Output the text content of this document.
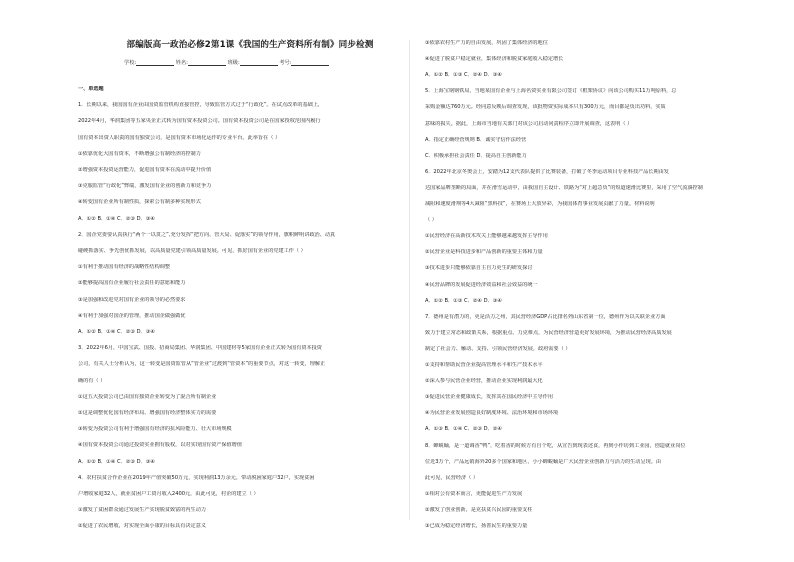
部编版高一政治必修2第1课《我国的生产资料所有制》同步检测
学校:	姓名:	班级:	考号:
一、单选题
1．长期以来，我国国有企业由国资监管机构直接管控，导致监管方式过于“行政化”。在试点改革的基础上，
2022年4月，华润集团等五家央企正式转为国有资本投资公司。国有资本投资公司是在国家授权范围内履行
国有资本出资人职责的国有独资公司，是国有资本市场化运作的专业平台。此举旨在（ ）
①依靠优化大国有资本，不断增强公有制经济的控制力
②增强资本投资运营能力，促进国有资本在流动中提升价值
③克服监管“行政化”弊端，激发国有企业的创新力和竞争力
④转变国有企业所有制性质，探索公有制多种实现形式
A．①② B．①④ C．②③ D．③④
2．国企党委要认真执行“两个一以贯之”,充分发挥“把方向、管大局、促落实”的领导作用，旗帜鲜明讲政治、动真
碰硬抓落实、争先创优抓发展，以高质量党建引领高质量发展。可见，抓好国有企业的党建工作（ ）
①有利于推动国有经济的战略性结构调整
②能够提高国有企业履行社会责任的意愿和能力
③是加强和改进党对国有企业的领导的必然要求
④有利于加强对国企的管理，推动国企做强做优
A．①② B．①④ C．②③ D．③④
3．2022年6月，中国宝武、国投、招商局集团、华润集团、中国建材等5家国有企业正式转为国有资本投资
公司，有关人士分析认为，这一转变是国资监管从“管企业”过渡到“管资本”的重要节点，对这一转变，理解正
确的有（ ）
①这五大投资公司已由国有独资企业转变为了混合所有制企业
②这是调整优化国有经济布局、增强国有经济整体实力的需要
③转变为投资公司有利于增强国有经济的抗风险能力、壮大市场规模
④国有资本投资公司通过投资实业拥有股权，以对实现国有资产保值增值
A．①② B．①④ C．②③ D．③④
4．农村扶贫合作企业在2019年产值突破50万元，实现利润13万余元，带动脱困家庭户32户，实现贫困
户增收家庭32人，就业贫困户工资月收入2400元，由此可见，村企的建立（ ）
①激发了贫困群众通过发展生产实现脱贫致富的内生动力
②促进了农民增收，对实现全面小康的目标具有决定意义
③依靠农村生产力的自由发展，巩固了集体经济的地位
④促进了脱贫户稳定就业，集体经济和脱贫家庭收入稳定增长
A．①② B．①③ C．②④ D．③④
5．上海宝钢钢铁局，当地某国有企业与上海名资实业有限公司签订《框架协议》向该公司购买11万吨原料，总
采购金额达760万元。经同意反映后调查发现，该批物资实际成本只有300万元，而目都是负出功料，实质
意味的损失。据此，上海市当地有关部门对该公司启动问责程序立即开展调查，这表明（ ）
A．指定正确经营规则 B．诚实守信作法经营
C．积极承担社会责任 D．提高自主创新能力
6．2022年北京冬奥会上，安踏为12支代表队提供了比赛装备，打破了冬季运动项目专业科技产品长期由发
达国家品牌垄断的局面，并在滑雪运动中，由我国自主设计、铁路为“对上超急负”的短道速滑比赛里，采用了空气流淌控制
减阻和速度滑翔等4大减阻“黑科技”，在赛场上大放异彩，为我国体育事业发展贡献了力量。材料说明
（ ）
①民营经济在高新技术攻关上能够越来越发挥主导作用
②民营企业是科技进步和产品创新的重要主体和力量
③技术进步只能够依靠自主自力更生的研发探讨
④民营品牌的发展促进经济效益和社会效益的统一
A．①② B．①③ C．②④ D．③④
7．德州是有潜力的，更是活力之州，其民营经济GDP占比排名列山东省第一位，德州作为以关联企业方面
致力于建立常态和政策关系，根据重点、力克难点，为民营经济营造更好发展环境，为推动民营经济高质发展
制定了社会力、触动、支持、引领民营经济发展，政府需要（ ）
①支持和帮助民营企业提高管理水平和生产技术水平
②深入参与民营企业经营，推动企业实现利润最大化
③促进民营企业健康成长，发挥其在国民经济中主导作用
④为民营企业发展创造良好制度环境、法治环境和市场环境
A．①③ B．①④ C．②③ D．②④
8．蝉蜕蛹，是一道调香“鸭”，吃着香的时候方有自个吃，从宣告到现表述食，再到小作坊到工业园，创造就业岗位
位近3万个，产品远销海外20多个国家和地区，小小蝉蜕蛹是广大民营企业创新力与活力的生动呈现。由
此可见，民营经济（ ）
①相对公有资本而言，更能促进生产力发展
②激发了创业创新，是克扶贫兴民园的重要支柱
③已成为稳定经济增长，扬善民生的重要力量
